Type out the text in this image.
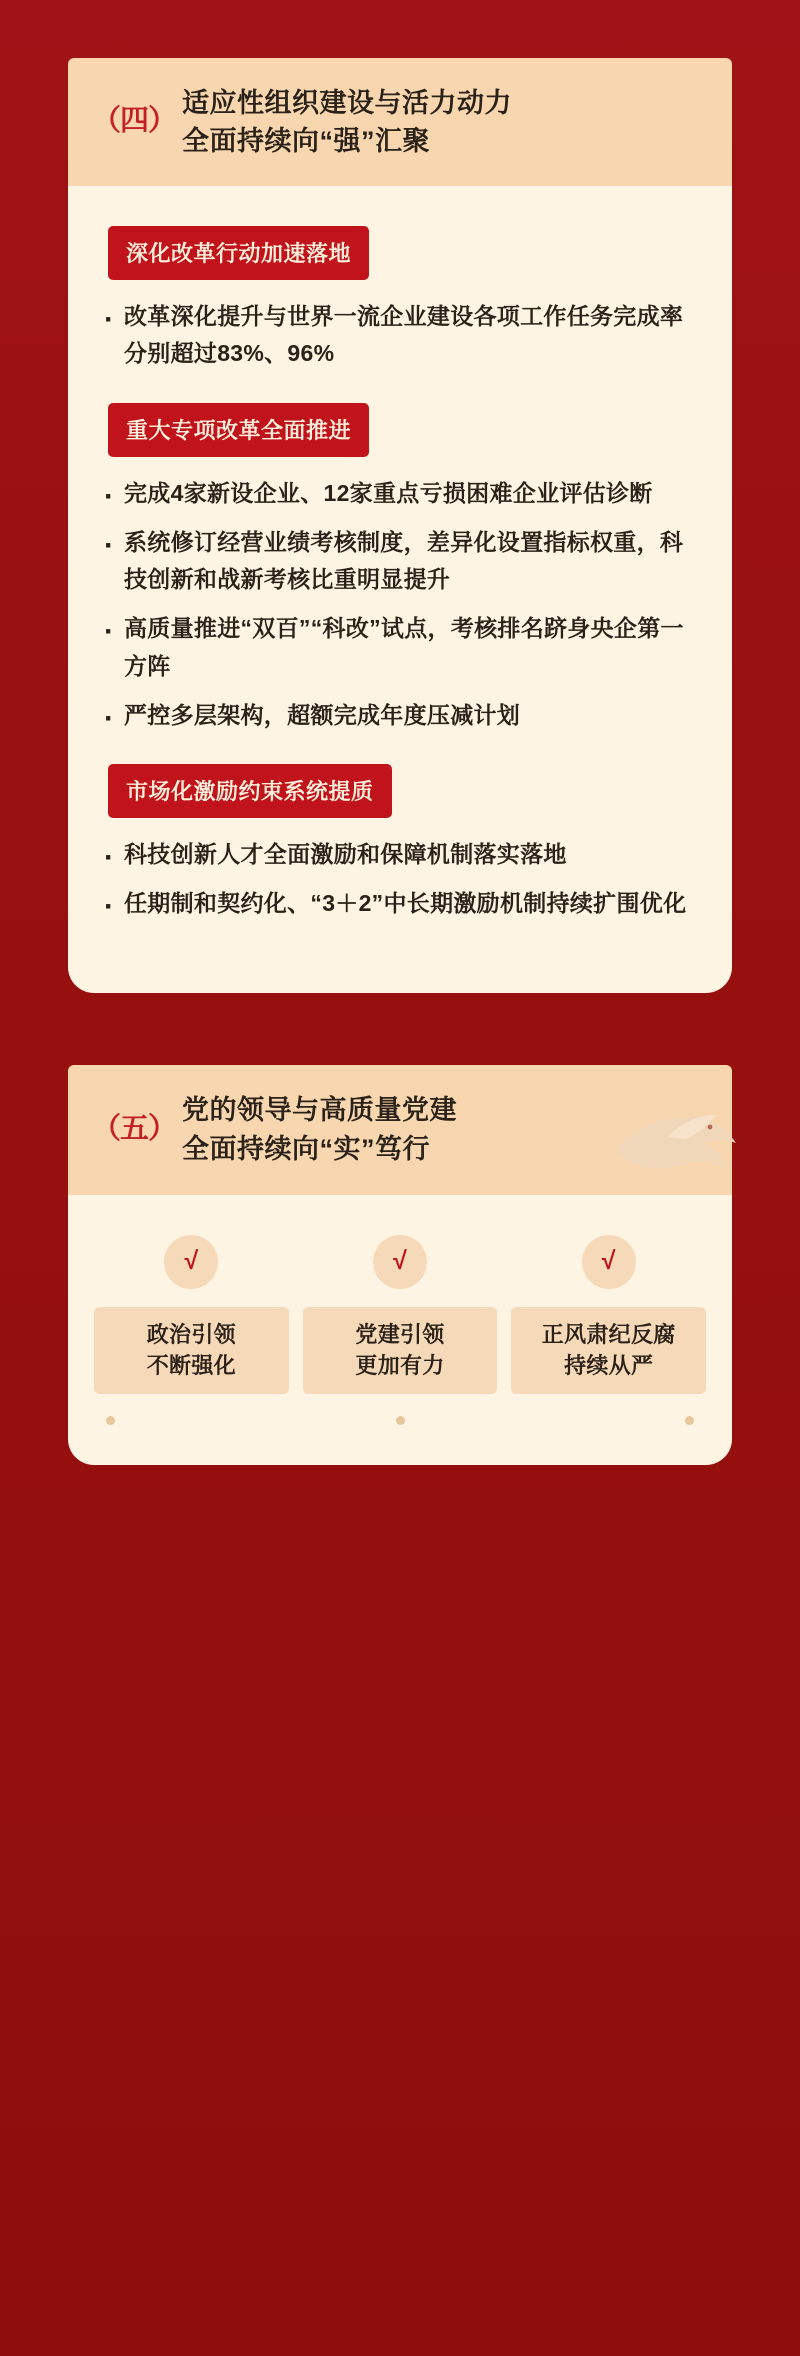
（四）
适应性组织建设与活力动力
全面持续向“强”汇聚
深化改革行动加速落地
· 改革深化提升与世界一流企业建设各项工作任务完成率分别超过83%、96%
重大专项改革全面推进
· 完成4家新设企业、12家重点亏损困难企业评估诊断
· 系统修订经营业绩考核制度，差异化设置指标权重，科技创新和战新考核比重明显提升
· 高质量推进“双百”“科改”试点，考核排名跻身央企第一方阵
· 严控多层架构，超额完成年度压减计划
市场化激励约束系统提质
· 科技创新人才全面激励和保障机制落实落地
· 任期制和契约化、“3＋2”中长期激励机制持续扩围优化
（五）
党的领导与高质量党建
全面持续向“实”笃行
√
政治引领
不断强化
√
党建引领
更加有力
√
正风肃纪反腐
持续从严
